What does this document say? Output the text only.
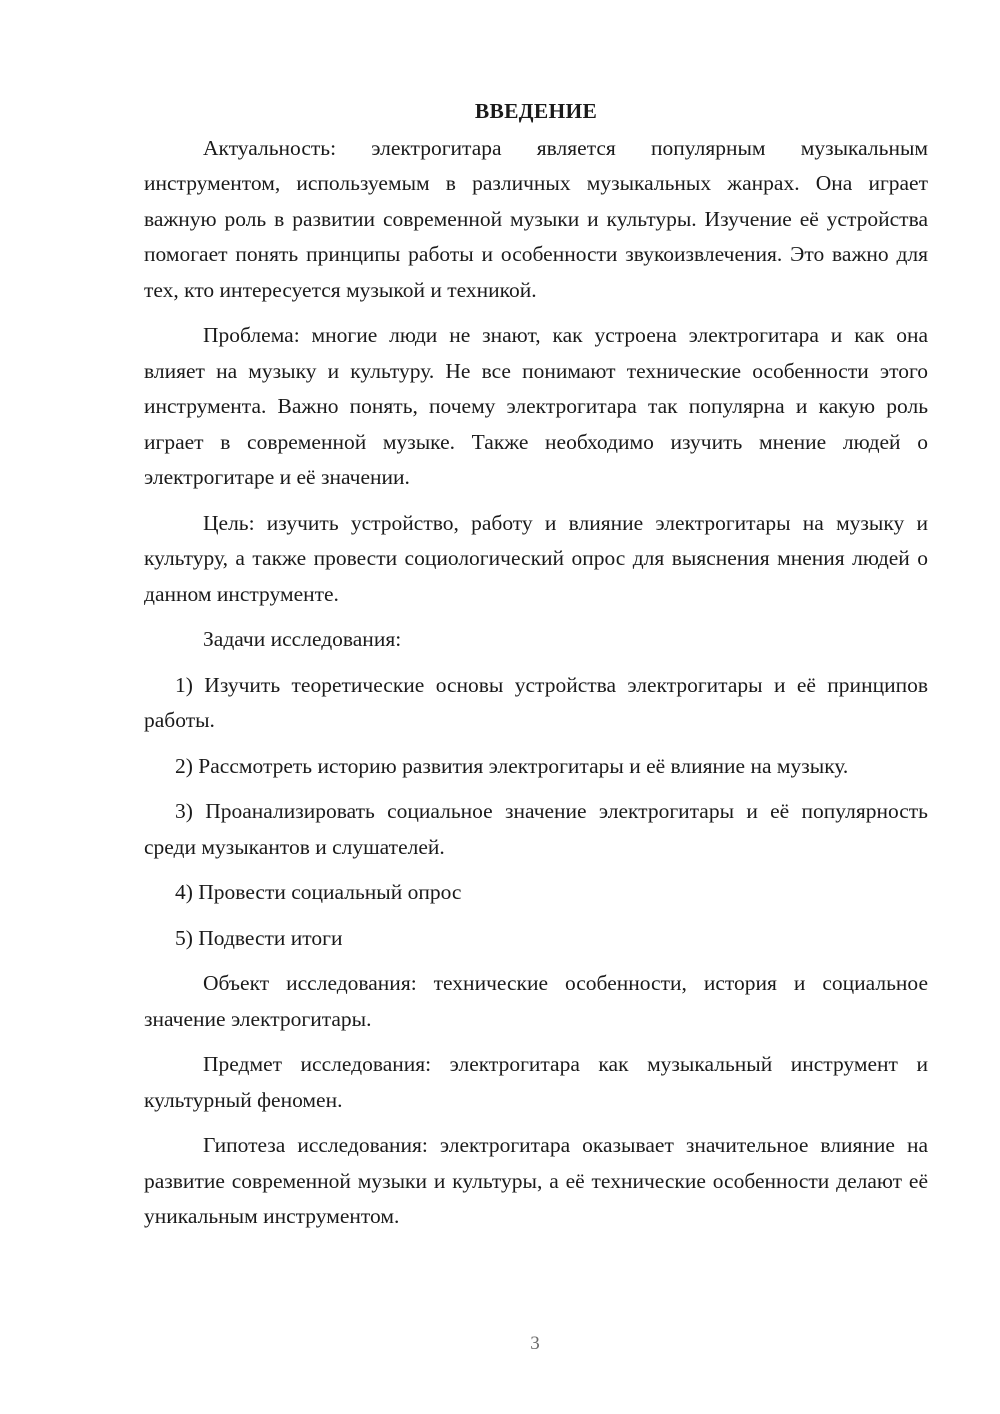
ВВЕДЕНИЕ

Актуальность: электрогитара является популярным музыкальным инструментом, используемым в различных музыкальных жанрах. Она играет важную роль в развитии современной музыки и культуры. Изучение её устройства помогает понять принципы работы и особенности звукоизвлечения. Это важно для тех, кто интересуется музыкой и техникой.

Проблема: многие люди не знают, как устроена электрогитара и как она влияет на музыку и культуру. Не все понимают технические особенности этого инструмента. Важно понять, почему электрогитара так популярна и какую роль играет в современной музыке. Также необходимо изучить мнение людей о электрогитаре и её значении.

Цель: изучить устройство, работу и влияние электрогитары на музыку и культуру, а также провести социологический опрос для выяснения мнения людей о данном инструменте.

Задачи исследования:

1) Изучить теоретические основы устройства электрогитары и её принципов работы.

2) Рассмотреть историю развития электрогитары и её влияние на музыку.

3) Проанализировать социальное значение электрогитары и её популярность среди музыкантов и слушателей.

4) Провести социальный опрос

5) Подвести итоги

Объект исследования: технические особенности, история и социальное значение электрогитары.

Предмет исследования: электрогитара как музыкальный инструмент и культурный феномен.

Гипотеза исследования: электрогитара оказывает значительное влияние на развитие современной музыки и культуры, а её технические особенности делают её уникальным инструментом.

3
